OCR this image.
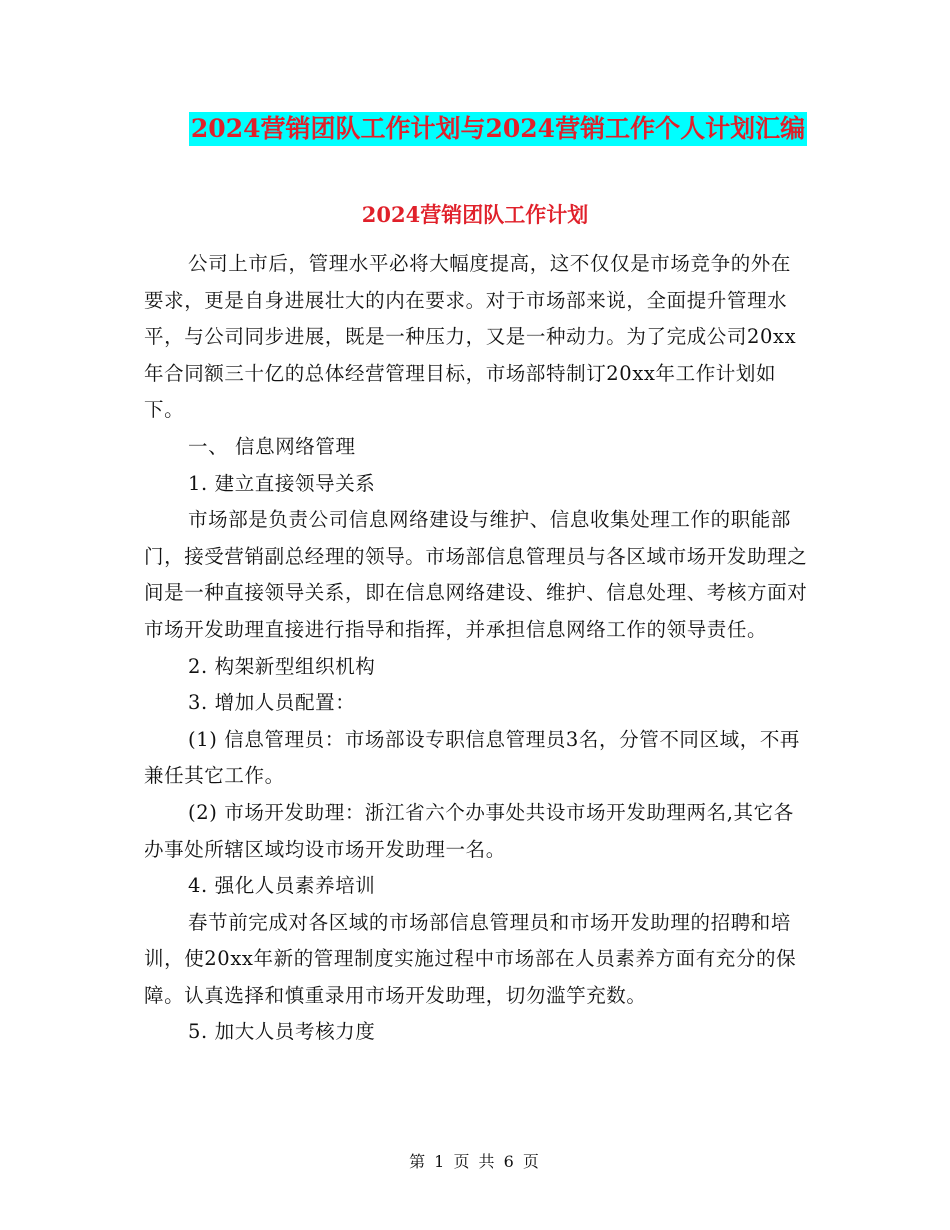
2024营销团队工作计划与2024营销工作个人计划汇编
2024营销团队工作计划

公司上市后，管理水平必将大幅度提高，这不仅仅是市场竞争的外在要求，更是自身进展壮大的内在要求。对于市场部来说，全面提升管理水平，与公司同步进展，既是一种压力，又是一种动力。为了完成公司20xx年合同额三十亿的总体经营管理目标，市场部特制订20xx年工作计划如下。

一、 信息网络管理

1. 建立直接领导关系

市场部是负责公司信息网络建设与维护、信息收集处理工作的职能部门，接受营销副总经理的领导。市场部信息管理员与各区域市场开发助理之间是一种直接领导关系，即在信息网络建设、维护、信息处理、考核方面对市场开发助理直接进行指导和指挥，并承担信息网络工作的领导责任。

2. 构架新型组织机构

3. 增加人员配置：

(1) 信息管理员：市场部设专职信息管理员3名，分管不同区域，不再兼任其它工作。

(2) 市场开发助理：浙江省六个办事处共设市场开发助理两名,其它各办事处所辖区域均设市场开发助理一名。

4. 强化人员素养培训

春节前完成对各区域的市场部信息管理员和市场开发助理的招聘和培训，使20xx年新的管理制度实施过程中市场部在人员素养方面有充分的保障。认真选择和慎重录用市场开发助理，切勿滥竽充数。

5. 加大人员考核力度

第 1 页 共 6 页
